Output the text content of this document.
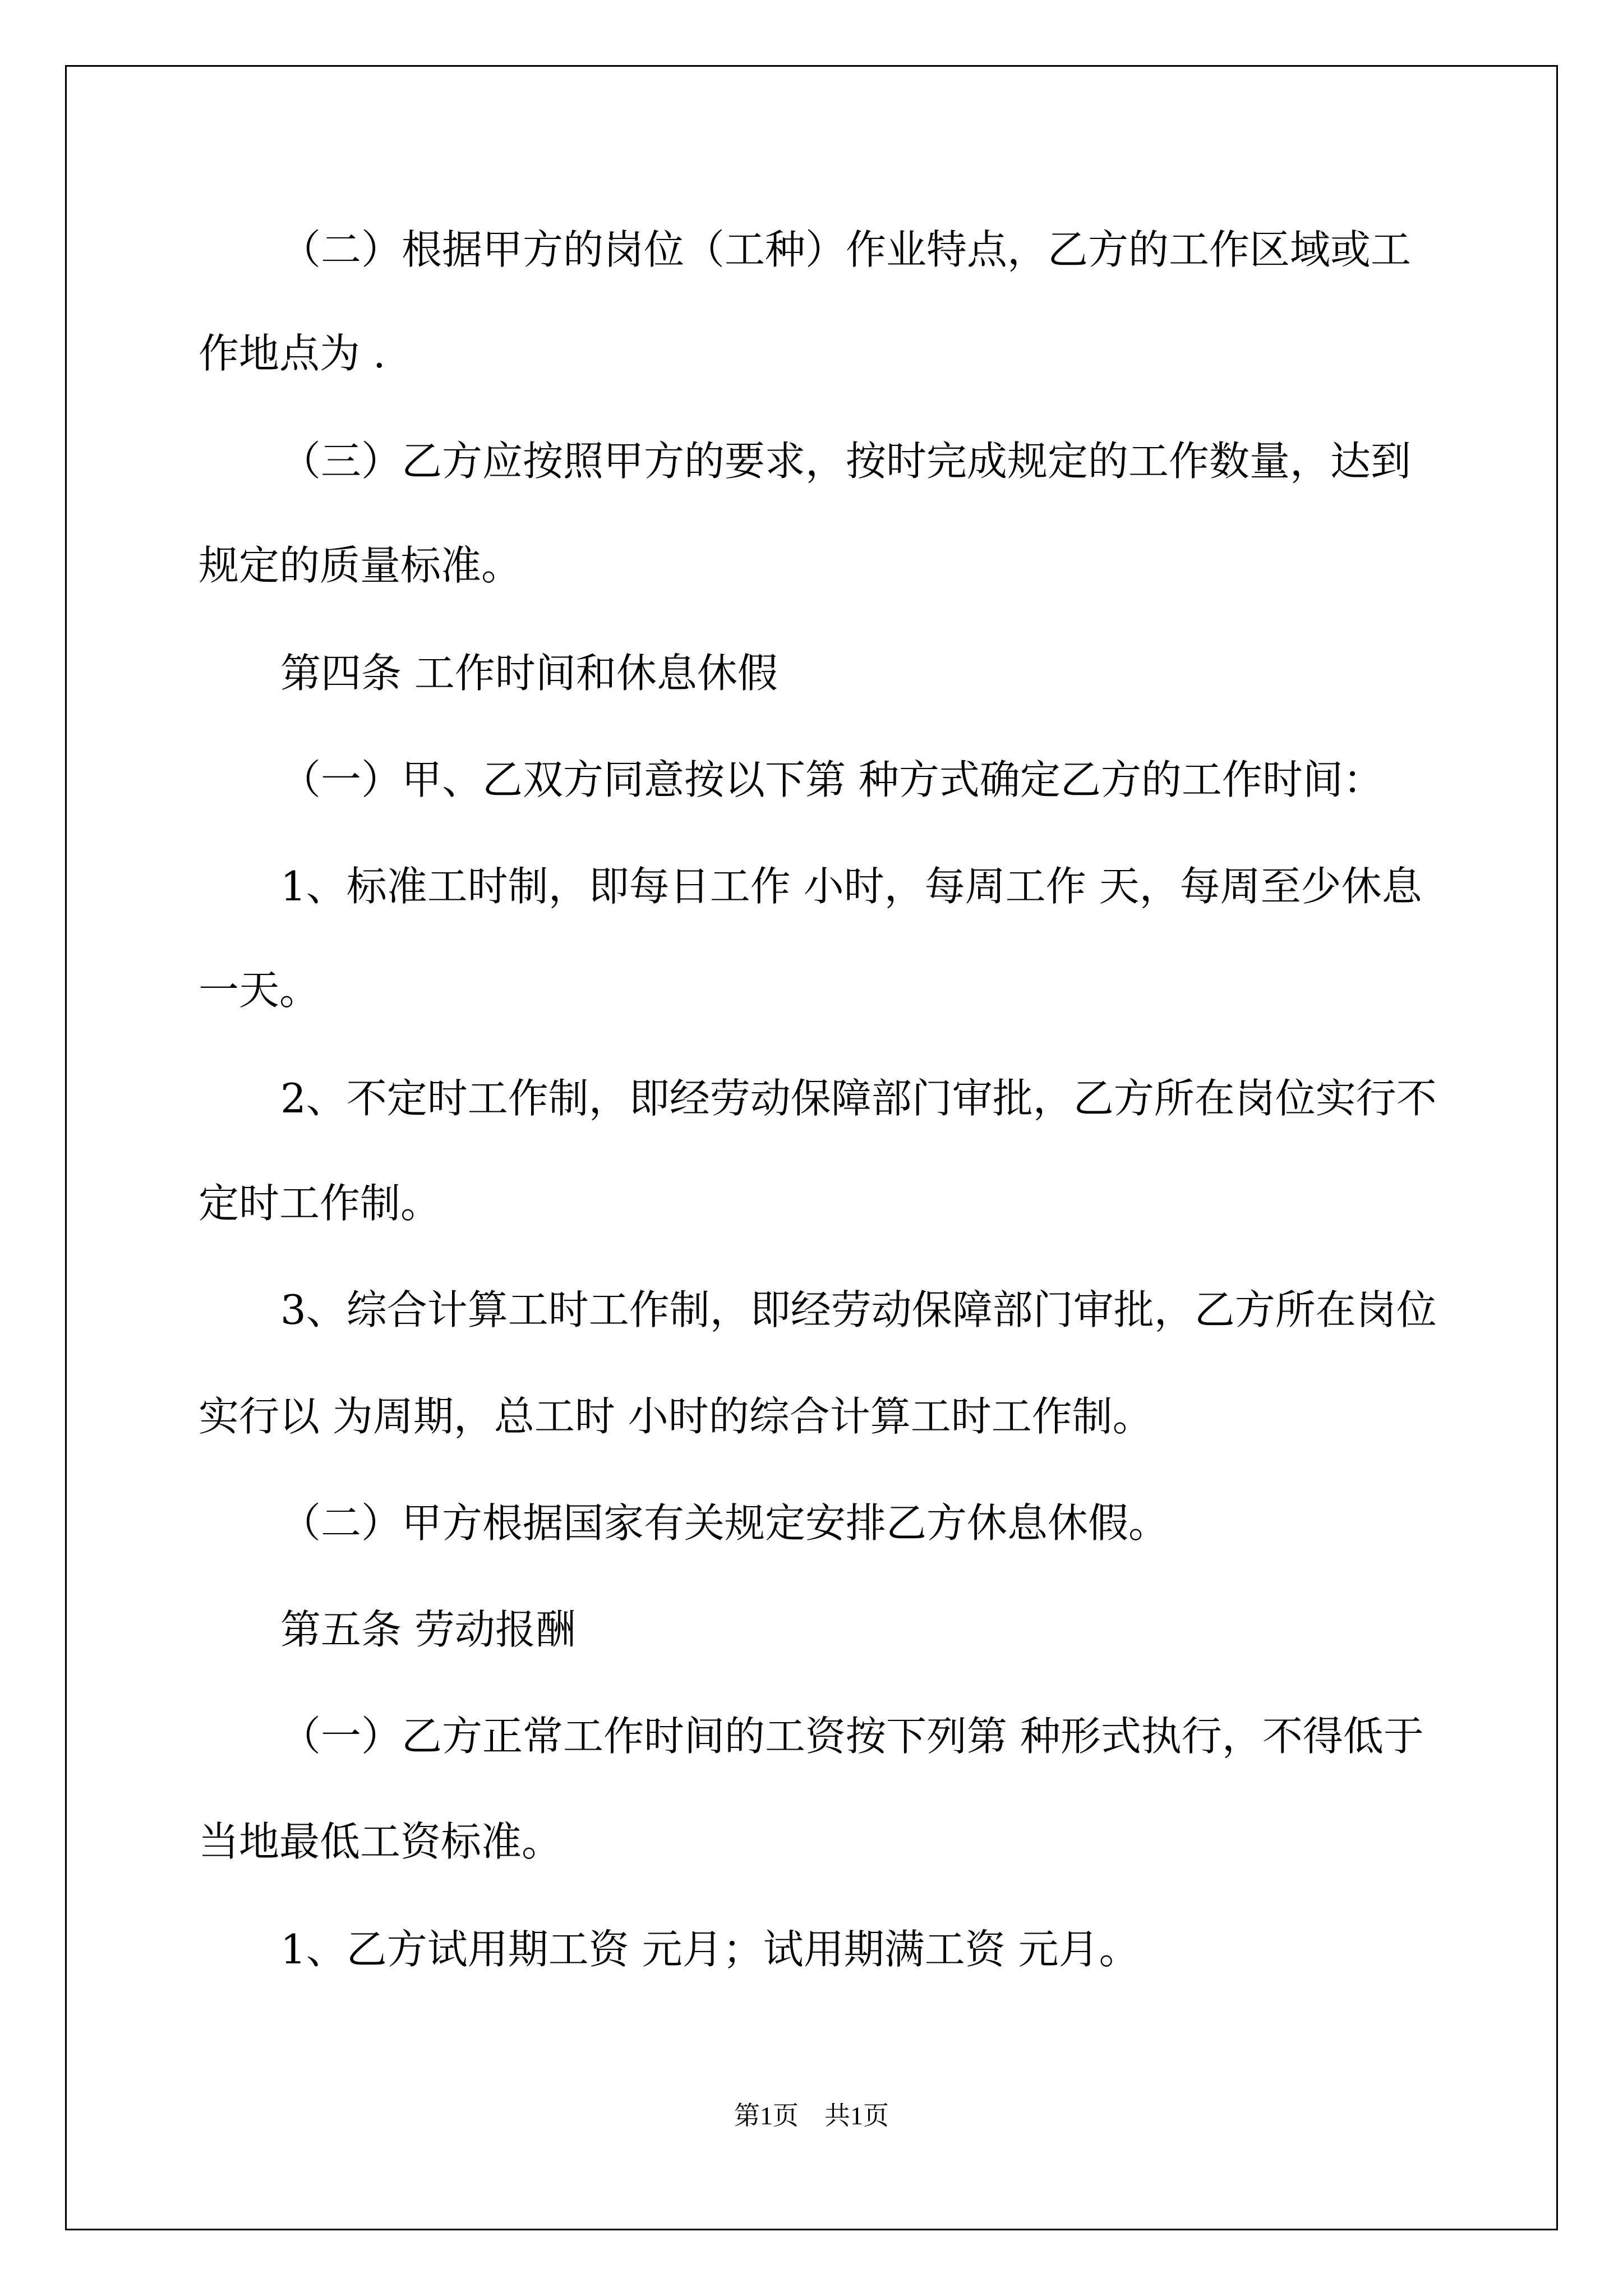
（二）根据甲方的岗位（工种）作业特点，乙方的工作区域或工

作地点为 .

（三）乙方应按照甲方的要求，按时完成规定的工作数量，达到

规定的质量标准。

第四条 工作时间和休息休假

（一）甲、乙双方同意按以下第 种方式确定乙方的工作时间：

1、标准工时制，即每日工作 小时，每周工作 天，每周至少休息

一天。

2、不定时工作制，即经劳动保障部门审批，乙方所在岗位实行不

定时工作制。

3、综合计算工时工作制，即经劳动保障部门审批，乙方所在岗位

实行以 为周期，总工时 小时的综合计算工时工作制。

（二）甲方根据国家有关规定安排乙方休息休假。

第五条 劳动报酬

（一）乙方正常工作时间的工资按下列第 种形式执行，不得低于

当地最低工资标准。

1、乙方试用期工资 元月；试用期满工资 元月。

第1页　共1页
